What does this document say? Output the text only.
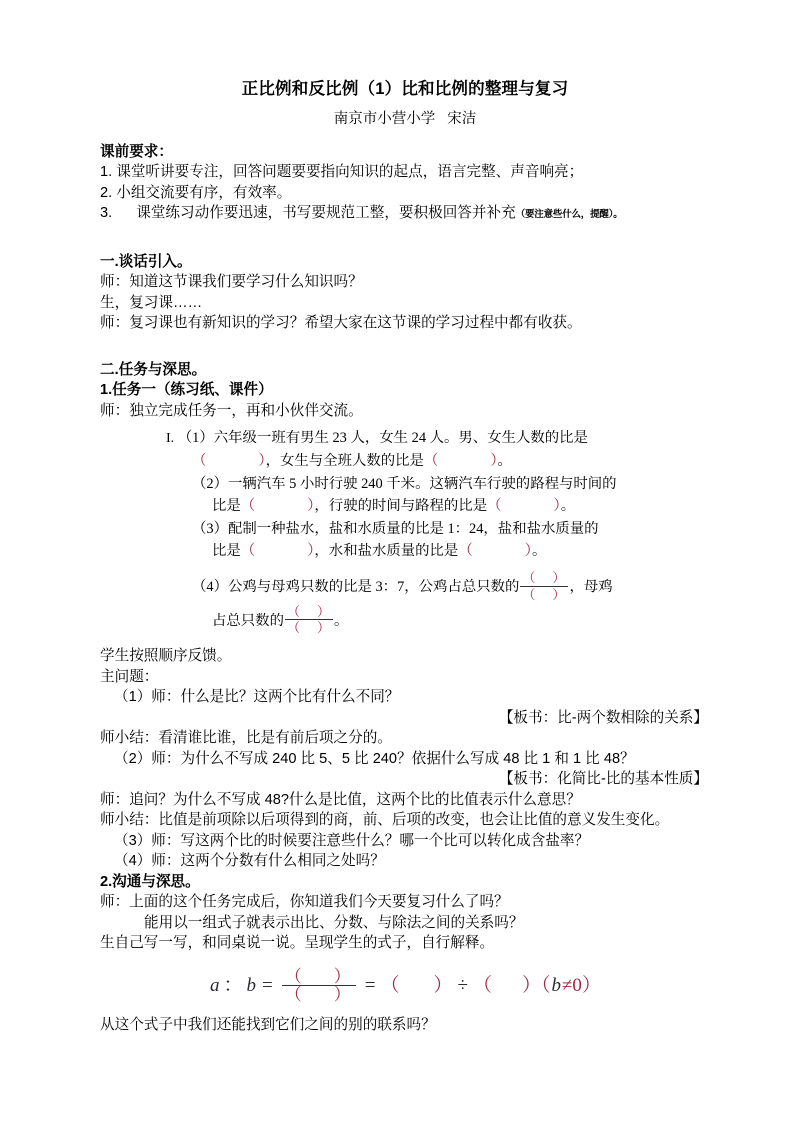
正比例和反比例（1）比和比例的整理与复习
南京市小营小学   宋洁
课前要求：
1. 课堂听讲要专注，回答问题要要指向知识的起点，语言完整、声音响亮；
2. 小组交流要有序，有效率。
3. 课堂练习动作要迅速，书写要规范工整，要积极回答并补充（要注意些什么，提醒）。
一.谈话引入。
师：知道这节课我们要学习什么知识吗？
生，复习课……
师：复习课也有新知识的学习？希望大家在这节课的学习过程中都有收获。
二.任务与深思。
1.任务一（练习纸、课件）
师：独立完成任务一，再和小伙伴交流。
I. （1）六年级一班有男生 23 人，女生 24 人。男、女生人数的比是
（	），女生与全班人数的比是（	）。
（2）一辆汽车 5 小时行驶 240 千米。这辆汽车行驶的路程与时间的
比是（	），行驶的时间与路程的比是（	）。
（3）配制一种盐水，盐和水质量的比是 1：24，盐和盐水质量的
比是（	），水和盐水质量的比是（	）。
（4）公鸡与母鸡只数的比是 3：7，公鸡占总只数的 $\frac{( )}{( )}$ ，母鸡
占总只数的 $\frac{( )}{( )}$ 。
学生按照顺序反馈。
主问题：
（1）师：什么是比？这两个比有什么不同？
【板书：比-两个数相除的关系】
师小结：看清谁比谁，比是有前后项之分的。
（2）师：为什么不写成 240 比 5、5 比 240？依据什么写成 48 比 1 和 1 比 48？
【板书：化简比-比的基本性质】
师：追问？为什么不写成 48?什么是比值，这两个比的比值表示什么意思？
师小结：比值是前项除以后项得到的商，前、后项的改变，也会让比值的意义发生变化。
（3）师：写这两个比的时候要注意些什么？哪一个比可以转化成含盐率？
（4）师：这两个分数有什么相同之处吗？
2.沟通与深思。
师：上面的这个任务完成后，你知道我们今天要复习什么了吗？
能用以一组式子就表示出比、分数、与除法之间的关系吗？
生自己写一写，和同桌说一说。呈现学生的式子，自行解释。
a ： $b = \frac{( )}{( )}$ = （ ） ÷ （ ）（b≠0）
从这个式子中我们还能找到它们之间的别的联系吗？
